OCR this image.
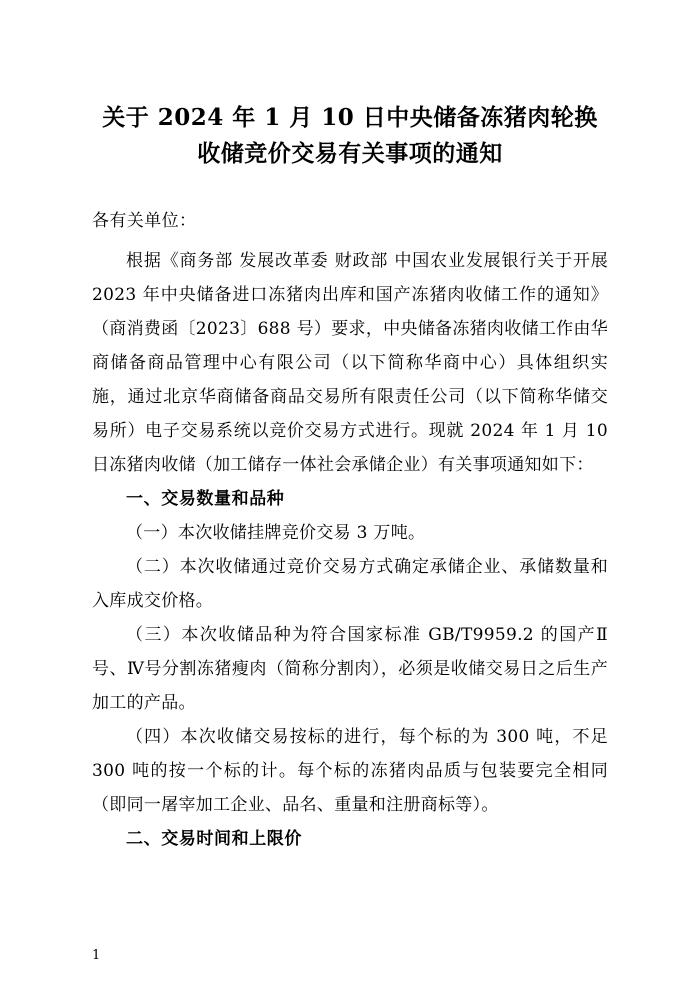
关于 2024 年 1 月 10 日中央储备冻猪肉轮换
收储竞价交易有关事项的通知

各有关单位：

根据《商务部 发展改革委 财政部 中国农业发展银行关于开展 2023 年中央储备进口冻猪肉出库和国产冻猪肉收储工作的通知》（商消费函〔2023〕688 号）要求，中央储备冻猪肉收储工作由华商储备商品管理中心有限公司（以下简称华商中心）具体组织实施，通过北京华商储备商品交易所有限责任公司（以下简称华储交易所）电子交易系统以竞价交易方式进行。现就 2024 年 1 月 10 日冻猪肉收储（加工储存一体社会承储企业）有关事项通知如下：

一、交易数量和品种

（一）本次收储挂牌竞价交易 3 万吨。

（二）本次收储通过竞价交易方式确定承储企业、承储数量和入库成交价格。

（三）本次收储品种为符合国家标准 GB/T9959.2 的国产Ⅱ号、Ⅳ号分割冻猪瘦肉（简称分割肉），必须是收储交易日之后生产加工的产品。

（四）本次收储交易按标的进行，每个标的为 300 吨，不足 300 吨的按一个标的计。每个标的冻猪肉品质与包装要完全相同（即同一屠宰加工企业、品名、重量和注册商标等）。

二、交易时间和上限价

1
